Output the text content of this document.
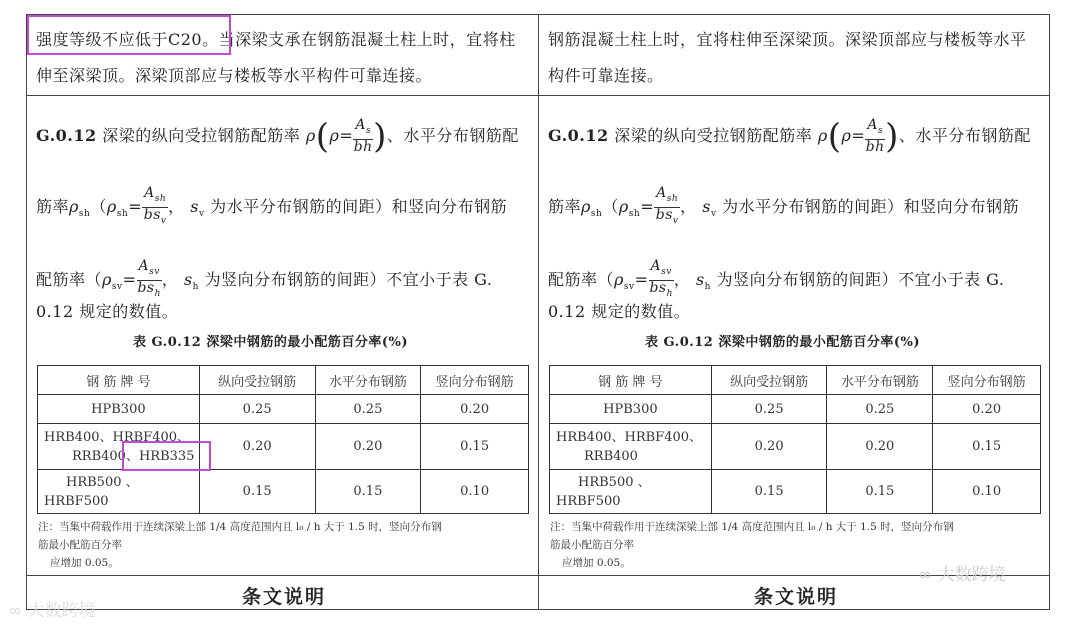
强度等级不应低于C20。当深梁支承在钢筋混凝土柱上时，宜将柱
伸至深梁顶。深梁顶部应与楼板等水平构件可靠连接。
G.0.12 深梁的纵向受拉钢筋配筋率 $\rho(\rho= \frac{A_s}{bh}$ )、水平分布钢筋配
筋率$\rho_{sh}(\rho_{sh}=$
$A_{sh}$
$bs_v$
， $s_v$ 为水平分布钢筋的间距）和竖向分布钢筋
配筋率（$\rho_{sv}=$
$A_{sv}$
$bs_h$
， $s_h$ 为竖向分布钢筋的间距）不宜小于表 G.
0.12 规定的数值。
表 G.0.12 深梁中钢筋的最小配筋百分率(%)
钢 筋 牌 号	纵向受拉钢筋	水平分布钢筋	竖向分布钢筋
HPB300	0.25	0.25	0.20

HRB400、HRBF400、
RRB400、HRB335	0.20	0.20	0.15

HRB500 、
HRBF500	0.15	0.15	0.10
注：当集中荷载作用于连续深梁上部 1/4 高度范围内且 l₀ / h 大于 1.5 时，竖向分布钢
筋最小配筋百分率
应增加 0.05。
条文说明
钢筋混凝土柱上时，宜将柱伸至深梁顶。深梁顶部应与楼板等水平
构件可靠连接。
G.0.12 深梁的纵向受拉钢筋配筋率 $\rho(\rho= \frac{A_s}{bh}$ )、水平分布钢筋配
筋率$\rho_{sh}(\rho_{sh}=$
$A_{sh}$
$bs_v$
， $s_v$ 为水平分布钢筋的间距）和竖向分布钢筋
配筋率（$\rho_{sv}=$
$A_{sv}$
$bs_h$
， $s_h$ 为竖向分布钢筋的间距）不宜小于表 G.
0.12 规定的数值。
表 G.0.12 深梁中钢筋的最小配筋百分率(%)
钢 筋 牌 号	纵向受拉钢筋	水平分布钢筋	竖向分布钢筋
HPB300	0.25	0.25	0.20

HRB400、HRBF400、
RRB400	0.20	0.20	0.15

HRB500 、
HRBF500	0.15	0.15	0.10
注：当集中荷载作用于连续深梁上部 1/4 高度范围内且 l₀ / h 大于 1.5 时，竖向分布钢
筋最小配筋百分率
应增加 0.05。
条文说明
∞ 大数跨境
∞ 大数跨境
